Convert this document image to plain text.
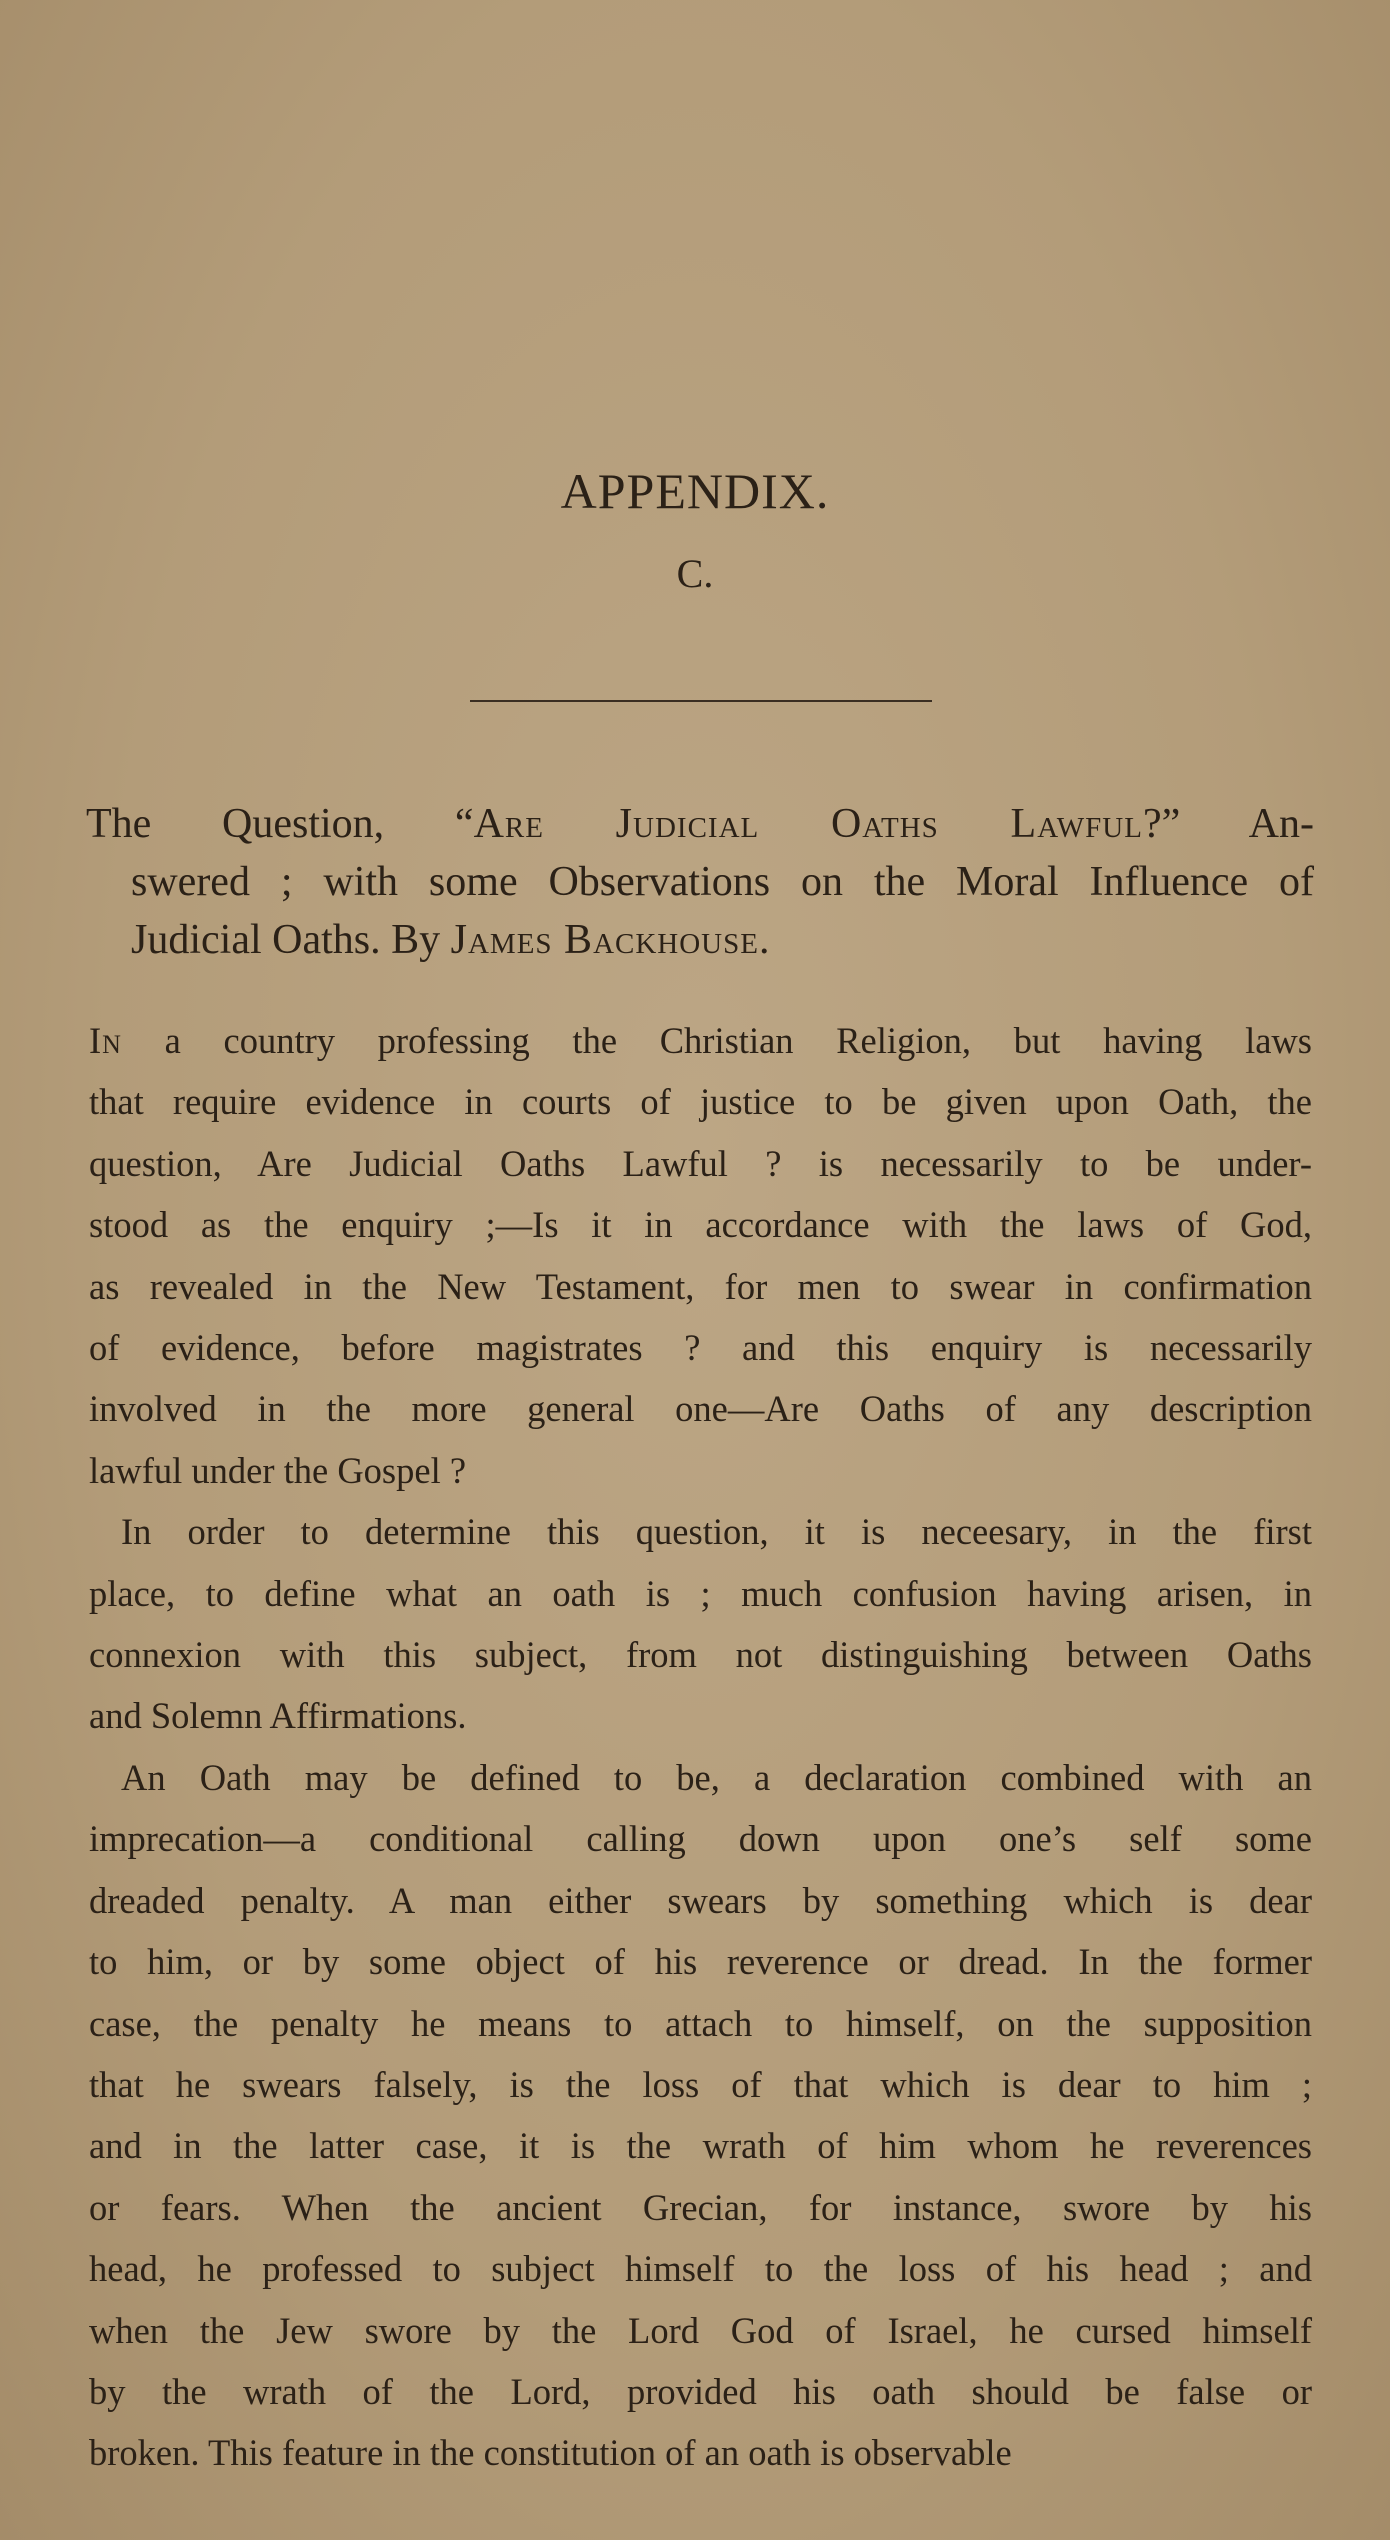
APPENDIX.
C.
The Question, “Are Judicial Oaths Lawful?” An-
swered ; with some Observations on the Moral Influence of
Judicial Oaths. By James Backhouse.
In a country professing the Christian Religion, but having laws
that require evidence in courts of justice to be given upon Oath, the
question, Are Judicial Oaths Lawful ? is necessarily to be under-
stood as the enquiry ;—Is it in accordance with the laws of God,
as revealed in the New Testament, for men to swear in confirmation
of evidence, before magistrates ? and this enquiry is necessarily
involved in the more general one—Are Oaths of any description
lawful under the Gospel ?
In order to determine this question, it is neceesary, in the first
place, to define what an oath is ; much confusion having arisen, in
connexion with this subject, from not distinguishing between Oaths
and Solemn Affirmations.
An Oath may be defined to be, a declaration combined with an
imprecation—a conditional calling down upon one’s self some
dreaded penalty. A man either swears by something which is dear
to him, or by some object of his reverence or dread. In the former
case, the penalty he means to attach to himself, on the supposition
that he swears falsely, is the loss of that which is dear to him ;
and in the latter case, it is the wrath of him whom he reverences
or fears. When the ancient Grecian, for instance, swore by his
head, he professed to subject himself to the loss of his head ; and
when the Jew swore by the Lord God of Israel, he cursed himself
by the wrath of the Lord, provided his oath should be false or
broken. This feature in the constitution of an oath is observable
